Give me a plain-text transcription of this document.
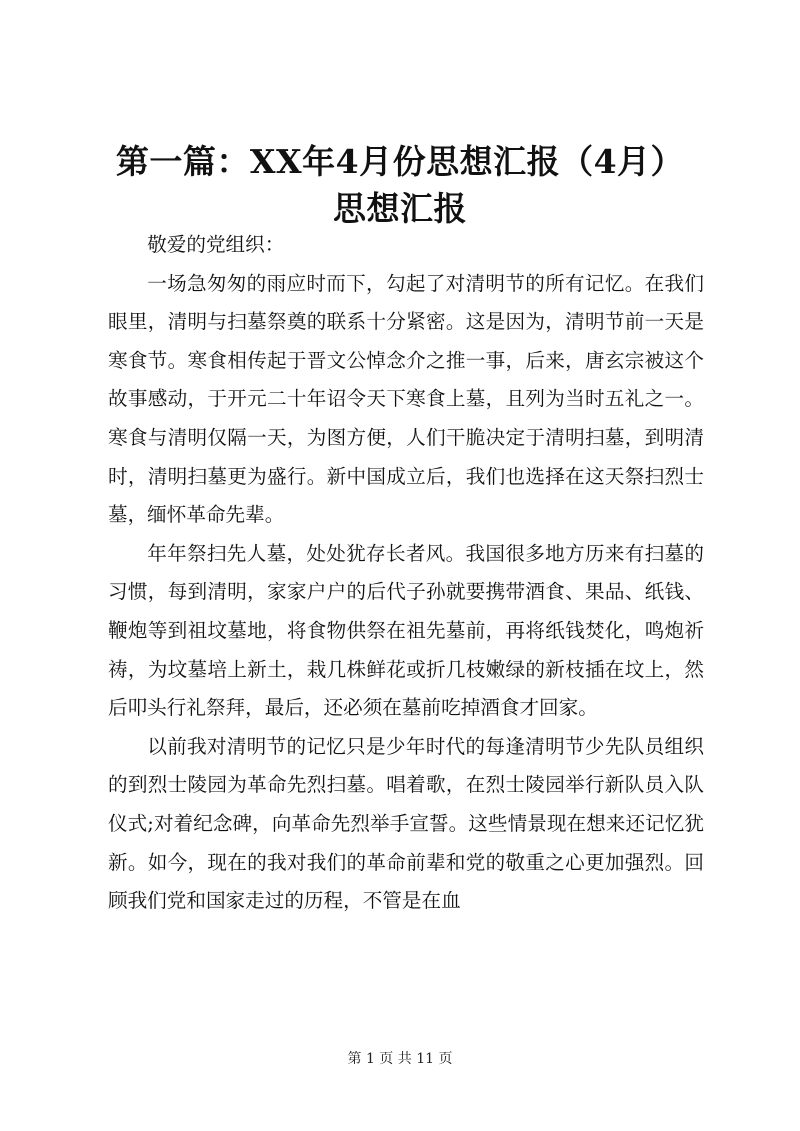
第一篇：XX年4月份思想汇报（4月）思想汇报

敬爱的党组织：

一场急匆匆的雨应时而下，勾起了对清明节的所有记忆。在我们眼里，清明与扫墓祭奠的联系十分紧密。这是因为，清明节前一天是寒食节。寒食相传起于晋文公悼念介之推一事，后来，唐玄宗被这个故事感动，于开元二十年诏令天下寒食上墓，且列为当时五礼之一。寒食与清明仅隔一天，为图方便，人们干脆决定于清明扫墓，到明清时，清明扫墓更为盛行。新中国成立后，我们也选择在这天祭扫烈士墓，缅怀革命先辈。

年年祭扫先人墓，处处犹存长者风。我国很多地方历来有扫墓的习惯，每到清明，家家户户的后代子孙就要携带酒食、果品、纸钱、鞭炮等到祖坟墓地，将食物供祭在祖先墓前，再将纸钱焚化，鸣炮祈祷，为坟墓培上新土，栽几株鲜花或折几枝嫩绿的新枝插在坟上，然后叩头行礼祭拜，最后，还必须在墓前吃掉酒食才回家。

以前我对清明节的记忆只是少年时代的每逢清明节少先队员组织的到烈士陵园为革命先烈扫墓。唱着歌，在烈士陵园举行新队员入队仪式;对着纪念碑，向革命先烈举手宣誓。这些情景现在想来还记忆犹新。如今，现在的我对我们的革命前辈和党的敬重之心更加强烈。回顾我们党和国家走过的历程，不管是在血

第 1 页 共 11 页
